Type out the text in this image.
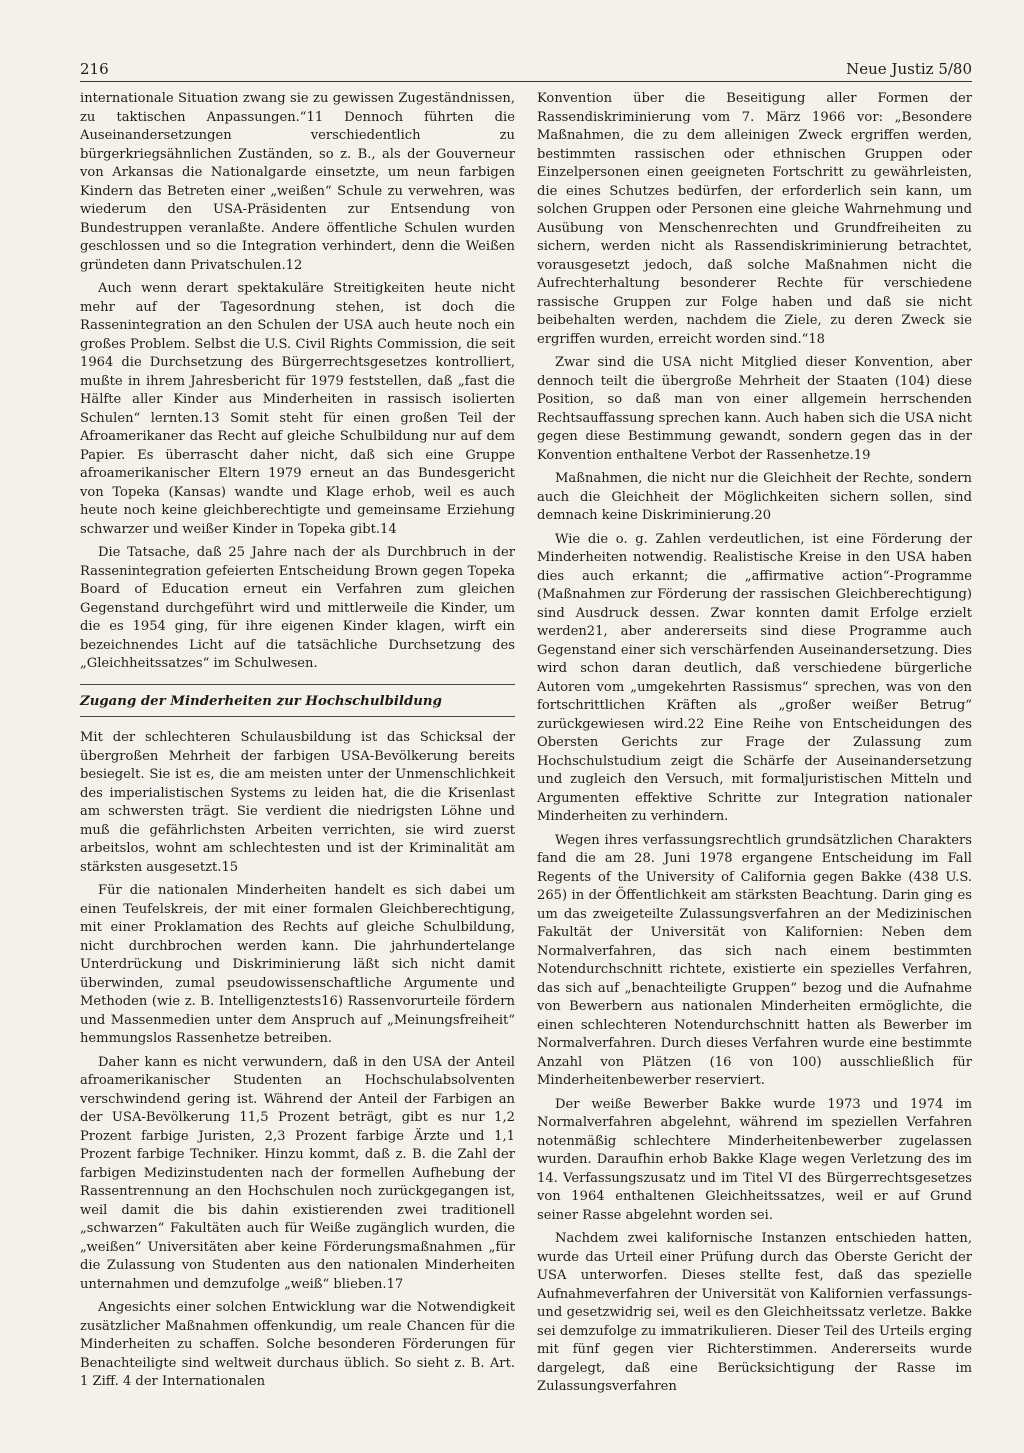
216	Neue Justiz 5/80

internationale Situation zwang sie zu gewissen Zugeständnissen, zu taktischen Anpassungen.“11 Dennoch führten die Auseinandersetzungen verschiedentlich zu bürgerkriegsähnlichen Zuständen, so z. B., als der Gouverneur von Arkansas die Nationalgarde einsetzte, um neun farbigen Kindern das Betreten einer „weißen“ Schule zu verwehren, was wiederum den USA-Präsidenten zur Entsendung von Bundestruppen veranlaßte. Andere öffentliche Schulen wurden geschlossen und so die Integration verhindert, denn die Weißen gründeten dann Privatschulen.12

Auch wenn derart spektakuläre Streitigkeiten heute nicht mehr auf der Tagesordnung stehen, ist doch die Rassenintegration an den Schulen der USA auch heute noch ein großes Problem. Selbst die U.S. Civil Rights Commission, die seit 1964 die Durchsetzung des Bürgerrechtsgesetzes kontrolliert, mußte in ihrem Jahresbericht für 1979 feststellen, daß „fast die Hälfte aller Kinder aus Minderheiten in rassisch isolierten Schulen“ lernten.13 Somit steht für einen großen Teil der Afroamerikaner das Recht auf gleiche Schulbildung nur auf dem Papier. Es überrascht daher nicht, daß sich eine Gruppe afroamerikanischer Eltern 1979 erneut an das Bundesgericht von Topeka (Kansas) wandte und Klage erhob, weil es auch heute noch keine gleichberechtigte und gemeinsame Erziehung schwarzer und weißer Kinder in Topeka gibt.14

Die Tatsache, daß 25 Jahre nach der als Durchbruch in der Rassenintegration gefeierten Entscheidung Brown gegen Topeka Board of Education erneut ein Verfahren zum gleichen Gegenstand durchgeführt wird und mittlerweile die Kinder, um die es 1954 ging, für ihre eigenen Kinder klagen, wirft ein bezeichnendes Licht auf die tatsächliche Durchsetzung des „Gleichheitssatzes“ im Schulwesen.

Zugang der Minderheiten zur Hochschulbildung

Mit der schlechteren Schulausbildung ist das Schicksal der übergroßen Mehrheit der farbigen USA-Bevölkerung bereits besiegelt. Sie ist es, die am meisten unter der Unmenschlichkeit des imperialistischen Systems zu leiden hat, die die Krisenlast am schwersten trägt. Sie verdient die niedrigsten Löhne und muß die gefährlichsten Arbeiten verrichten, sie wird zuerst arbeitslos, wohnt am schlechtesten und ist der Kriminalität am stärksten ausgesetzt.15

Für die nationalen Minderheiten handelt es sich dabei um einen Teufelskreis, der mit einer formalen Gleichberechtigung, mit einer Proklamation des Rechts auf gleiche Schulbildung, nicht durchbrochen werden kann. Die jahrhundertelange Unterdrückung und Diskriminierung läßt sich nicht damit überwinden, zumal pseudowissenschaftliche Argumente und Methoden (wie z. B. Intelligenztests16) Rassenvorurteile fördern und Massenmedien unter dem Anspruch auf „Meinungsfreiheit“ hemmungslos Rassenhetze betreiben.

Daher kann es nicht verwundern, daß in den USA der Anteil afroamerikanischer Studenten an Hochschulabsolventen verschwindend gering ist. Während der Anteil der Farbigen an der USA-Bevölkerung 11,5 Prozent beträgt, gibt es nur 1,2 Prozent farbige Juristen, 2,3 Prozent farbige Ärzte und 1,1 Prozent farbige Techniker. Hinzu kommt, daß z. B. die Zahl der farbigen Medizinstudenten nach der formellen Aufhebung der Rassentrennung an den Hochschulen noch zurückgegangen ist, weil damit die bis dahin existierenden zwei traditionell „schwarzen“ Fakultäten auch für Weiße zugänglich wurden, die „weißen“ Universitäten aber keine Förderungsmaßnahmen „für die Zulassung von Studenten aus den nationalen Minderheiten unternahmen und demzufolge „weiß“ blieben.17

Angesichts einer solchen Entwicklung war die Notwendigkeit zusätzlicher Maßnahmen offenkundig, um reale Chancen für die Minderheiten zu schaffen. Solche besonderen Förderungen für Benachteiligte sind weltweit durchaus üblich. So sieht z. B. Art. 1 Ziff. 4 der Internationalen

Konvention über die Beseitigung aller Formen der Rassendiskriminierung vom 7. März 1966 vor: „Besondere Maßnahmen, die zu dem alleinigen Zweck ergriffen werden, bestimmten rassischen oder ethnischen Gruppen oder Einzelpersonen einen geeigneten Fortschritt zu gewährleisten, die eines Schutzes bedürfen, der erforderlich sein kann, um solchen Gruppen oder Personen eine gleiche Wahrnehmung und Ausübung von Menschenrechten und Grundfreiheiten zu sichern, werden nicht als Rassendiskriminierung betrachtet, vorausgesetzt jedoch, daß solche Maßnahmen nicht die Aufrechterhaltung besonderer Rechte für verschiedene rassische Gruppen zur Folge haben und daß sie nicht beibehalten werden, nachdem die Ziele, zu deren Zweck sie ergriffen wurden, erreicht worden sind.“18

Zwar sind die USA nicht Mitglied dieser Konvention, aber dennoch teilt die übergroße Mehrheit der Staaten (104) diese Position, so daß man von einer allgemein herrschenden Rechtsauffassung sprechen kann. Auch haben sich die USA nicht gegen diese Bestimmung gewandt, sondern gegen das in der Konvention enthaltene Verbot der Rassenhetze.19

Maßnahmen, die nicht nur die Gleichheit der Rechte, sondern auch die Gleichheit der Möglichkeiten sichern sollen, sind demnach keine Diskriminierung.20

Wie die o. g. Zahlen verdeutlichen, ist eine Förderung der Minderheiten notwendig. Realistische Kreise in den USA haben dies auch erkannt; die „affirmative action“-Programme (Maßnahmen zur Förderung der rassischen Gleichberechtigung) sind Ausdruck dessen. Zwar konnten damit Erfolge erzielt werden21, aber andererseits sind diese Programme auch Gegenstand einer sich verschärfenden Auseinandersetzung. Dies wird schon daran deutlich, daß verschiedene bürgerliche Autoren vom „umgekehrten Rassismus“ sprechen, was von den fortschrittlichen Kräften als „großer weißer Betrug“ zurückgewiesen wird.22 Eine Reihe von Entscheidungen des Obersten Gerichts zur Frage der Zulassung zum Hochschulstudium zeigt die Schärfe der Auseinandersetzung und zugleich den Versuch, mit formaljuristischen Mitteln und Argumenten effektive Schritte zur Integration nationaler Minderheiten zu verhindern.

Wegen ihres verfassungsrechtlich grundsätzlichen Charakters fand die am 28. Juni 1978 ergangene Entscheidung im Fall Regents of the University of California gegen Bakke (438 U.S. 265) in der Öffentlichkeit am stärksten Beachtung. Darin ging es um das zweigeteilte Zulassungsverfahren an der Medizinischen Fakultät der Universität von Kalifornien: Neben dem Normalverfahren, das sich nach einem bestimmten Notendurchschnitt richtete, existierte ein spezielles Verfahren, das sich auf „benachteiligte Gruppen“ bezog und die Aufnahme von Bewerbern aus nationalen Minderheiten ermöglichte, die einen schlechteren Notendurchschnitt hatten als Bewerber im Normalverfahren. Durch dieses Verfahren wurde eine bestimmte Anzahl von Plätzen (16 von 100) ausschließlich für Minderheitenbewerber reserviert.

Der weiße Bewerber Bakke wurde 1973 und 1974 im Normalverfahren abgelehnt, während im speziellen Verfahren notenmäßig schlechtere Minderheitenbewerber zugelassen wurden. Daraufhin erhob Bakke Klage wegen Verletzung des im 14. Verfassungszusatz und im Titel VI des Bürgerrechtsgesetzes von 1964 enthaltenen Gleichheitssatzes, weil er auf Grund seiner Rasse abgelehnt worden sei.

Nachdem zwei kalifornische Instanzen entschieden hatten, wurde das Urteil einer Prüfung durch das Oberste Gericht der USA unterworfen. Dieses stellte fest, daß das spezielle Aufnahmeverfahren der Universität von Kalifornien verfassungs- und gesetzwidrig sei, weil es den Gleichheitssatz verletze. Bakke sei demzufolge zu immatrikulieren. Dieser Teil des Urteils erging mit fünf gegen vier Richterstimmen. Andererseits wurde dargelegt, daß eine Berücksichtigung der Rasse im Zulassungsverfahren
